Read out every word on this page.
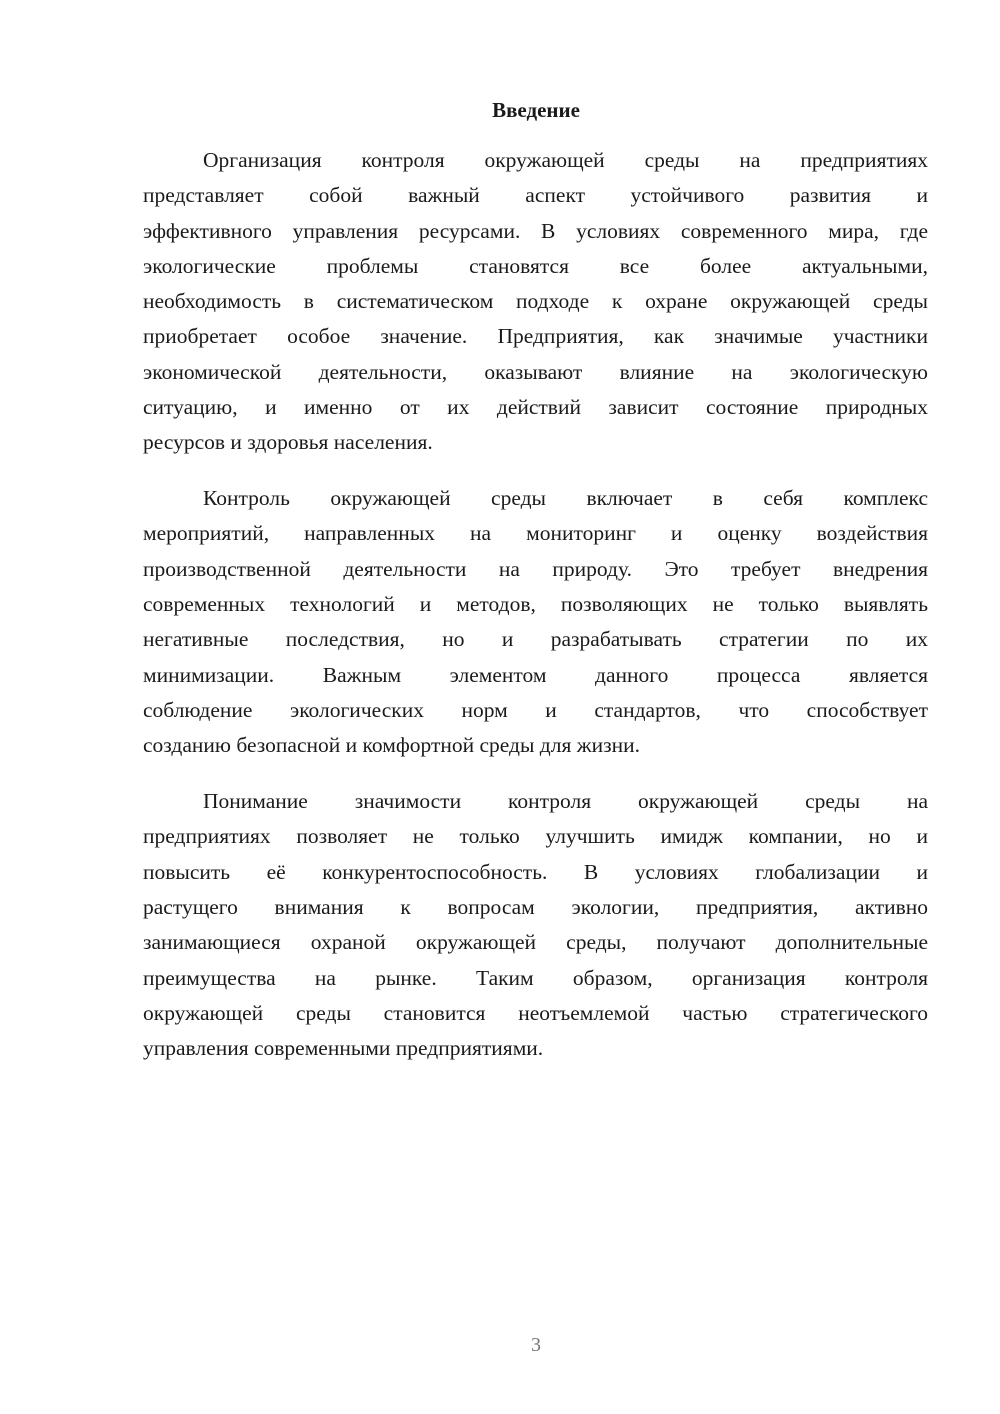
Введение
Организация контроля окружающей среды на предприятиях
представляет собой важный аспект устойчивого развития и
эффективного управления ресурсами. В условиях современного мира, где
экологические проблемы становятся все более актуальными,
необходимость в систематическом подходе к охране окружающей среды
приобретает особое значение. Предприятия, как значимые участники
экономической деятельности, оказывают влияние на экологическую
ситуацию, и именно от их действий зависит состояние природных
ресурсов и здоровья населения.
Контроль окружающей среды включает в себя комплекс
мероприятий, направленных на мониторинг и оценку воздействия
производственной деятельности на природу. Это требует внедрения
современных технологий и методов, позволяющих не только выявлять
негативные последствия, но и разрабатывать стратегии по их
минимизации. Важным элементом данного процесса является
соблюдение экологических норм и стандартов, что способствует
созданию безопасной и комфортной среды для жизни.
Понимание значимости контроля окружающей среды на
предприятиях позволяет не только улучшить имидж компании, но и
повысить её конкурентоспособность. В условиях глобализации и
растущего внимания к вопросам экологии, предприятия, активно
занимающиеся охраной окружающей среды, получают дополнительные
преимущества на рынке. Таким образом, организация контроля
окружающей среды становится неотъемлемой частью стратегического
управления современными предприятиями.
3
